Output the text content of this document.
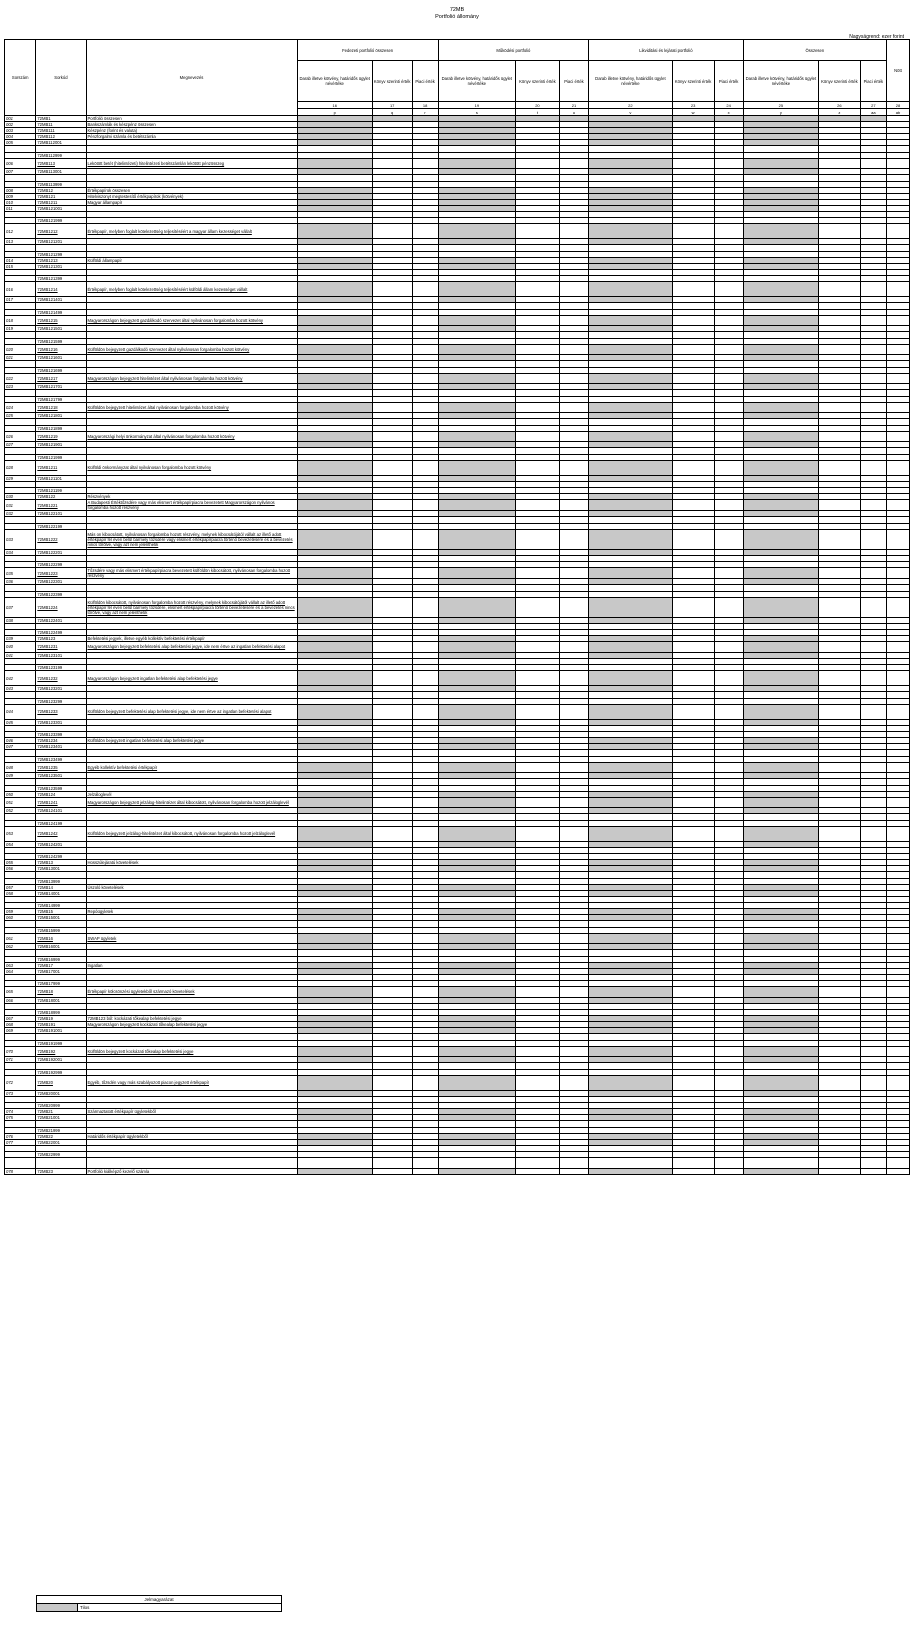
72MB
Portfolió állomány
Nagyságrend: ezer forint
Sorszám	Sorkód	Megnevezés	Fedezeti portfolió összesen			Működési portfolió			Likviditási és lejárati portfolió			Összesen			Nött
			Darab illetve kötvény, határidős ügylet névértéke	Könyv szerinti érték	Piaci érték	Darab illetve kötvény, határidős ügylet névértéke	Könyv szerinti érték	Piaci érték	Darab illetve kötvény, határidős ügylet névértéke	Könyv szerinti érték	Piaci érték	Darab illetve kötvény, határidős ügylet névértéke	Könyv szerinti érték	Piaci érték	
			16	17	18	19	20	21	22	23	24	25	26	27	28
			p	q	r	s	t	u	v	w	x	y	z	aa	ab
001	72MB1	Portfolió összesen													
002	72MB11	Bankszámlák és készpénz összesen													
003	72MB111	Készpénz (forint és valuta)													
004	72MB112	Pénzforgalmi számla és betétszámla													
005	72MB112001														

	72MB112999														
006	72MB113	Lekötött betét (hitelintézeti) hitelintézeti betétszámlán lekötött pénzösszeg													
007	72MB113001														

	72MB113999														
008	72MB12	Értékpapírok összesen													
009	72MB121	Hitelviszonyt megtestesítő értékpapírok (kötvények)													
010	72MB1211	Magyar állampapír													
011	72MB121001														

	72MB121999														
012	72MB1212	Értékpapír, melyben foglalt kötelezettség teljesítéséért a magyar állam kezességet vállalt													
013	72MB121201														

	72MB121299														
014	72MB1213	Külföldi állampapír													
015	72MB121301														

	72MB121399														
016	72MB1214	Értékpapír, melyben foglalt kötelezettség teljesítéséért külföldi állam kezességet vállalt													
017	72MB121401														

	72MB121499														
018	72MB1215	Magyarországon bejegyzett gazdálkodó szervezet által nyilvánosan forgalomba hozott kötvény													
019	72MB121501														

	72MB121599														
020	72MB1216	Külföldön bejegyzett gazdálkodó szervezet által nyilvánosan forgalomba hozott kötvény													
021	72MB121601														

	72MB121699														
022	72MB1217	Magyarországon bejegyzett hitelintézet által nyilvánosan forgalomba hozott kötvény													
023	72MB121701														

	72MB121799														
024	72MB1218	Külföldön bejegyzett hitelintézet által nyilvánosan forgalomba hozott kötvény													
025	72MB121801														

	72MB121899														
026	72MB1219	Magyarországi helyi önkormányzat által nyilvánosan forgalomba hozott kötvény													
027	72MB121901														

	72MB121999														
028	72MB1211	Külföldi önkormányzat által nyilvánosan forgalomba hozott kötvény													
029	72MB121101														

	72MB121199														
030	72MB122	Részvények													
031	72MB1221	A Budapesti Értéktőzsdére vagy más elismert értékpapírpiacra bevezetett Magyarországon nyilvános forgalomba hozott részvény													
032	72MB122101														

	72MB122199														
033	72MB1222	Más on kibocsátott, nyilvánosan forgalomba hozott részvény, melynek kibocsátójától vállalt az illető adott értékpapír fél éven belül bármely tőzsdére vagy elismert értékpapírpiacra történő bevezetésére és a bevezetés nincs törölve, vagy azt nem jelenthetik													
034	72MB122201														

	72MB122299														
035	72MB1223	Tőzsdére vagy más elismert értékpapírpiacra bevezetett külföldön kibocsátott, nyilvánosan forgalomba hozott részvény													
036	72MB122301														

	72MB122399														
037	72MB1224	Külföldön kibocsátott, nyilvánosan forgalomba hozott részvény, melynek kibocsátójától vállalt az illető adott értékpapír fél éven belül bármely tőzsdére, elismert értékpapírpiacra történő bevezetésére és a bevezetés nincs törölve, vagy azt nem jelenthetik													
038	72MB122401														

	72MB122499														
039	72MB123	Befektetési jegyek, illetve egyéb kollektív befektetési értékpapír													
040	72MB1231	Magyarországon bejegyzett befektetési alap befektetési jegye, ide nem értve az ingatlan befektetési alapot													
041	72MB123101														

	72MB123199														
042	72MB1232	Magyarországon bejegyzett ingatlan befektetési alap befektetési jegye													
043	72MB123201														

	72MB123299														
044	72MB1233	Külföldön bejegyzett befektetési alap befektetési jegye, ide nem értve az ingatlan befektetési alapot													
045	72MB123301														

	72MB123399														
046	72MB1234	Külföldön bejegyzett ingatlan befektetési alap befektetési jegye													
047	72MB123401														

	72MB123499														
048	72MB1235	Egyéb kollektív befektetési értékpapír													
049	72MB123501														

	72MB123599														
050	72MB124	Jelzáloglevél													
051	72MB1241	Magyarországon bejegyzett jelzálog-hitelintézet által kibocsátott, nyilvánosan forgalomba hozott jelzáloglevél													
052	72MB124101														

	72MB124199														
053	72MB1242	Külföldön bejegyzett jelzálog-hitelintézet által kibocsátott, nyilvánosan forgalomba hozott jelzáloglevél													
054	72MB124201														

	72MB124299														
055	72MB13	Hosszúlejáratú követelések													
056	72MB13001														

	72MB13999														
057	72MB14	Úszoló követelések													
058	72MB14001														

	72MB14999														
059	72MB15	Repóügyletek													
060	72MB15001														

	72MB15999														
061	72MB16	SWAP ügyletek													
062	72MB16001														

	72MB16999														
063	72MB17	Ingatlan													
064	72MB17001														

	72MB17999														
065	72MB18	Értékpapír kölcsönzési ügyletekből származó követelések													
066	72MB18001														

	72MB18999														
067	72MB19	72MB123 ból: kockázati tőkealap befektetési jegye													
068	72MB191	Magyarországon bejegyzett kockázati tőkealap befektetési jegye													
069	72MB191001														

	72MB191999														
070	72MB192	Külföldön bejegyzett kockázati tőkealap befektetési jegye													
071	72MB192001														

	72MB192999														
072	72MB20	Egyéb, tőzsdén vagy más szabályozott piacon jegyzett értékpapír													
073	72MB20001														

	72MB20999														
074	72MB21	Származtatott értékpapír ügyletekből													
075	72MB21001														

	72MB21999														
076	72MB22	Határidős értékpapír ügyletekből													
077	72MB22001														

	72MB22999														

078	72MB23	Portfolió kiálképző kezelő számla													
Jelmagyarázat
	Tilos
